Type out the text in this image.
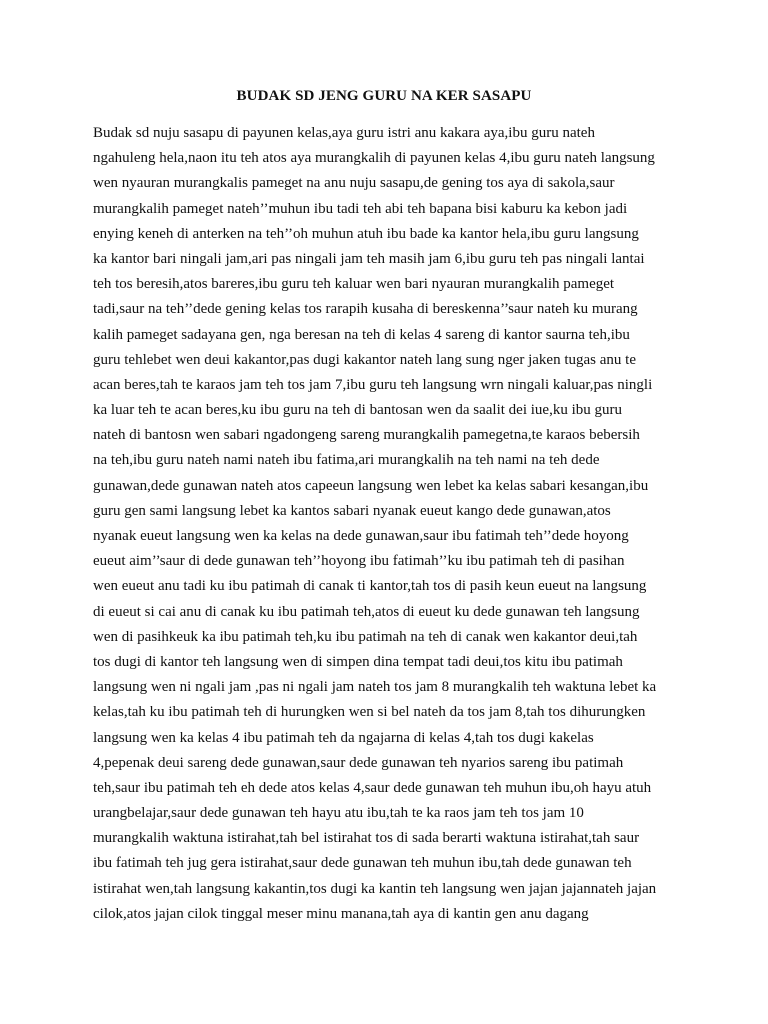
BUDAK SD JENG GURU NA KER SASAPU
Budak sd nuju sasapu di payunen kelas,aya guru istri anu kakara aya,ibu guru nateh
ngahuleng hela,naon itu teh atos aya murangkalih di payunen kelas 4,ibu guru nateh langsung
wen nyauran murangkalis pameget na anu nuju sasapu,de gening tos aya di sakola,saur
murangkalih pameget nateh’’muhun ibu tadi teh abi teh bapana bisi kaburu ka kebon jadi
enying keneh di anterken na teh’’oh muhun atuh ibu bade ka kantor hela,ibu guru langsung
ka kantor bari ningali jam,ari pas ningali jam teh masih jam 6,ibu guru teh pas ningali lantai
teh tos beresih,atos bareres,ibu guru teh kaluar wen bari nyauran murangkalih pameget
tadi,saur na teh’’dede gening kelas tos rarapih kusaha di bereskenna’’saur nateh ku murang
kalih pameget sadayana gen, nga beresan na teh di kelas 4 sareng di kantor saurna teh,ibu
guru tehlebet wen deui kakantor,pas dugi kakantor nateh lang sung nger jaken tugas anu te
acan beres,tah te karaos jam teh tos jam 7,ibu guru teh langsung wrn ningali kaluar,pas ningli
ka luar teh te acan beres,ku ibu guru na teh di bantosan wen da saalit dei iue,ku ibu guru
nateh di bantosn wen sabari ngadongeng sareng murangkalih pamegetna,te karaos bebersih
na teh,ibu guru nateh nami nateh ibu fatima,ari murangkalih na teh nami na teh dede
gunawan,dede gunawan nateh atos capeeun langsung wen lebet ka kelas sabari kesangan,ibu
guru gen sami langsung lebet ka kantos sabari nyanak eueut kango dede gunawan,atos
nyanak eueut langsung wen ka kelas na dede gunawan,saur ibu fatimah teh’’dede hoyong
eueut aim’’saur di dede gunawan teh’’hoyong ibu fatimah’’ku ibu patimah teh di pasihan
wen eueut anu tadi ku ibu patimah di canak ti kantor,tah tos di pasih keun eueut na langsung
di eueut si cai anu di canak ku ibu patimah teh,atos di eueut ku dede gunawan teh langsung
wen di pasihkeuk ka ibu patimah teh,ku ibu patimah na teh di canak wen kakantor deui,tah
tos dugi di kantor teh langsung wen di simpen dina tempat tadi deui,tos kitu ibu patimah
langsung wen ni ngali jam ,pas ni ngali jam nateh tos jam 8 murangkalih teh waktuna lebet ka
kelas,tah ku ibu patimah teh di hurungken wen si bel nateh da tos jam 8,tah tos dihurungken
langsung wen ka kelas 4 ibu patimah teh da ngajarna di kelas 4,tah tos dugi kakelas
4,pepenak deui sareng dede gunawan,saur dede gunawan teh nyarios sareng ibu patimah
teh,saur ibu patimah teh eh dede atos kelas 4,saur dede gunawan teh muhun ibu,oh hayu atuh
urangbelajar,saur dede gunawan teh hayu atu ibu,tah te ka raos jam teh tos jam 10
murangkalih waktuna istirahat,tah bel istirahat tos di sada berarti waktuna istirahat,tah saur
ibu fatimah teh jug gera istirahat,saur dede gunawan teh muhun ibu,tah dede gunawan teh
istirahat wen,tah langsung kakantin,tos dugi ka kantin teh langsung wen jajan jajannateh jajan
cilok,atos jajan cilok tinggal meser minu manana,tah aya di kantin gen anu dagang
